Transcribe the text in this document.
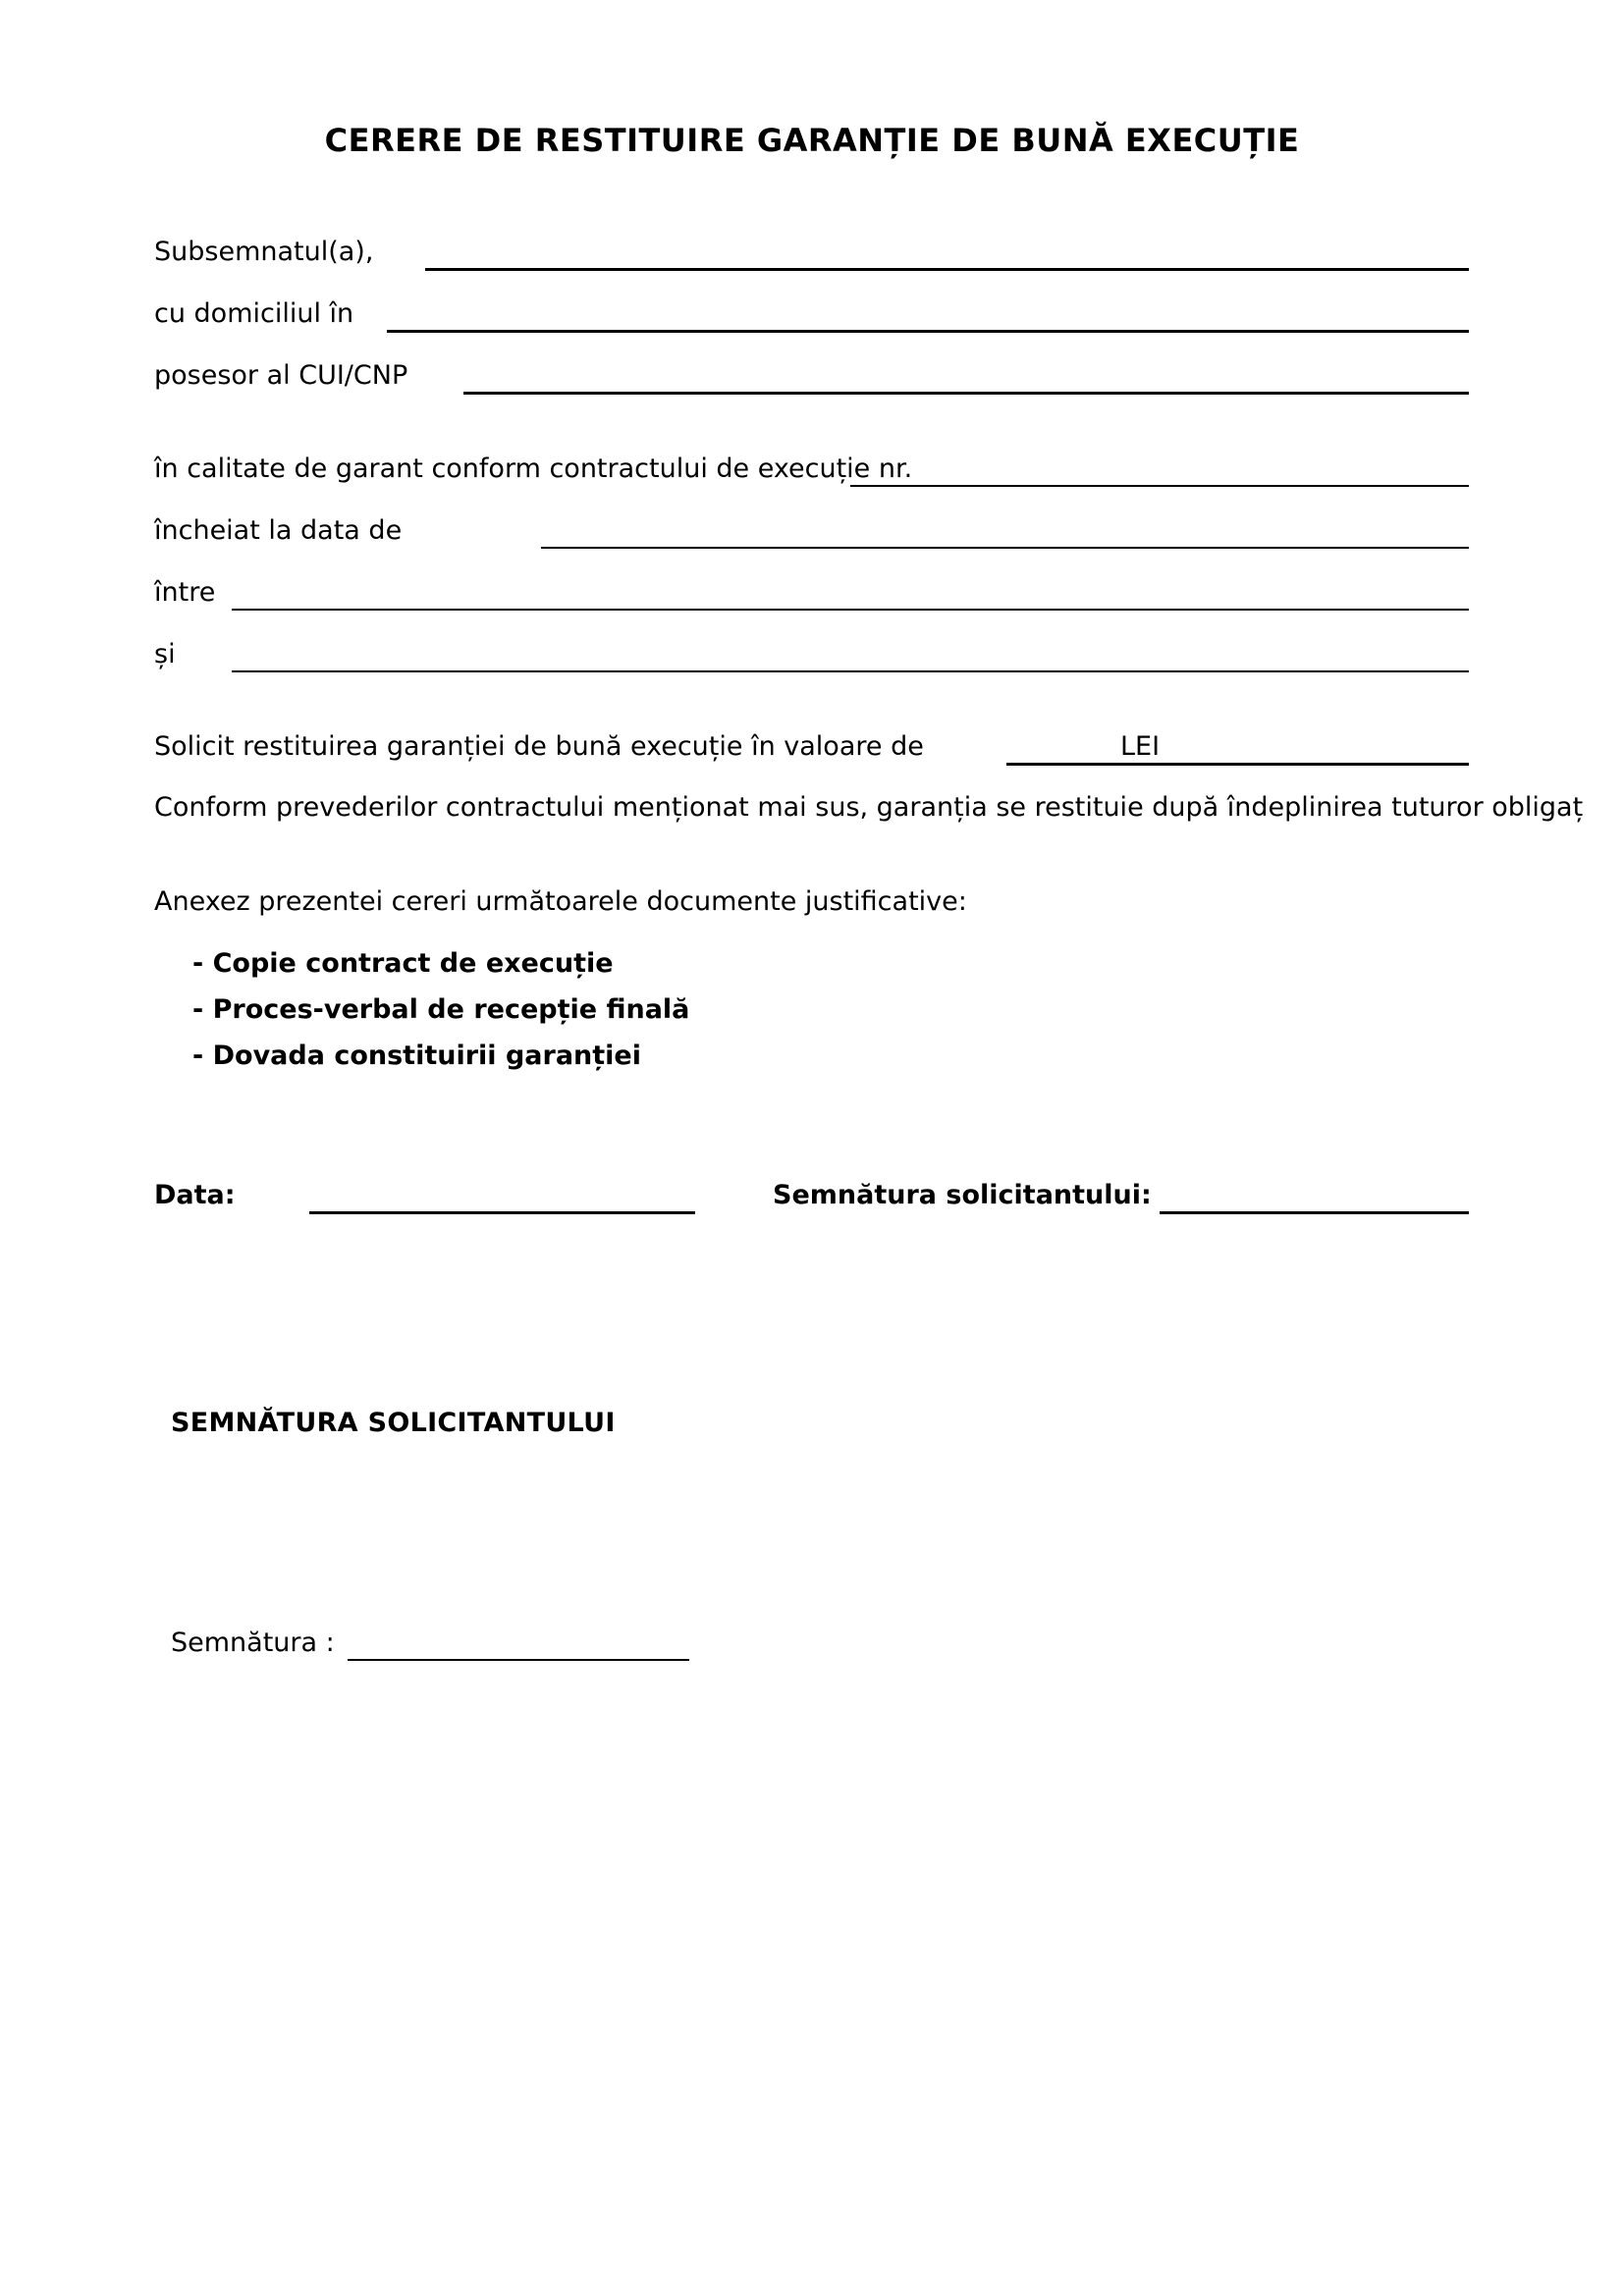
CERERE DE RESTITUIRE GARANȚIE DE BUNĂ EXECUȚIE
Subsemnatul(a),
cu domiciliul în
posesor al CUI/CNP
în calitate de garant conform contractului de execuție nr.
încheiat la data de
între
și
Solicit restituirea garanției de bună execuție în valoare de	LEI
Conform prevederilor contractului menționat mai sus, garanția se restituie după îndeplinirea tuturor obligaț
Anexez prezentei cereri următoarele documente justificative:
- Copie contract de execuție
- Proces-verbal de recepție finală
- Dovada constituirii garanției
Data:	Semnătura solicitantului:
SEMNĂTURA SOLICITANTULUI
Semnătura :
